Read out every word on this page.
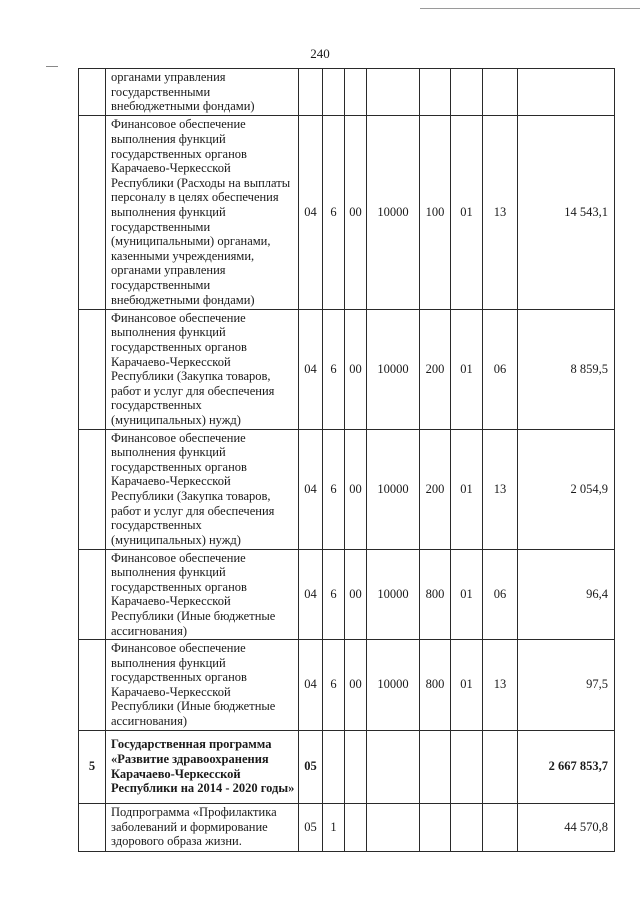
240
	органами управления государственными внебюджетными фондами)								
	Финансовое обеспечение выполнения функций государственных органов Карачаево-Черкесской Республики (Расходы на выплаты персоналу в целях обеспечения выполнения функций государственными (муниципальными) органами, казенными учреждениями, органами управления государственными внебюджетными фондами)	04	6	00	10000	100	01	13	14 543,1
	Финансовое обеспечение выполнения функций государственных органов Карачаево-Черкесской Республики (Закупка товаров, работ и услуг для обеспечения государственных (муниципальных) нужд)	04	6	00	10000	200	01	06	8 859,5
	Финансовое обеспечение выполнения функций государственных органов Карачаево-Черкесской Республики (Закупка товаров, работ и услуг для обеспечения государственных (муниципальных) нужд)	04	6	00	10000	200	01	13	2 054,9
	Финансовое обеспечение выполнения функций государственных органов Карачаево-Черкесской Республики (Иные бюджетные ассигнования)	04	6	00	10000	800	01	06	96,4
	Финансовое обеспечение выполнения функций государственных органов Карачаево-Черкесской Республики (Иные бюджетные ассигнования)	04	6	00	10000	800	01	13	97,5
5	Государственная программа «Развитие здравоохранения Карачаево-Черкесской Республики на 2014 - 2020 годы»	05							2 667 853,7
	Подпрограмма «Профилактика заболеваний и формирование здорового образа жизни.	05	1						44 570,8
